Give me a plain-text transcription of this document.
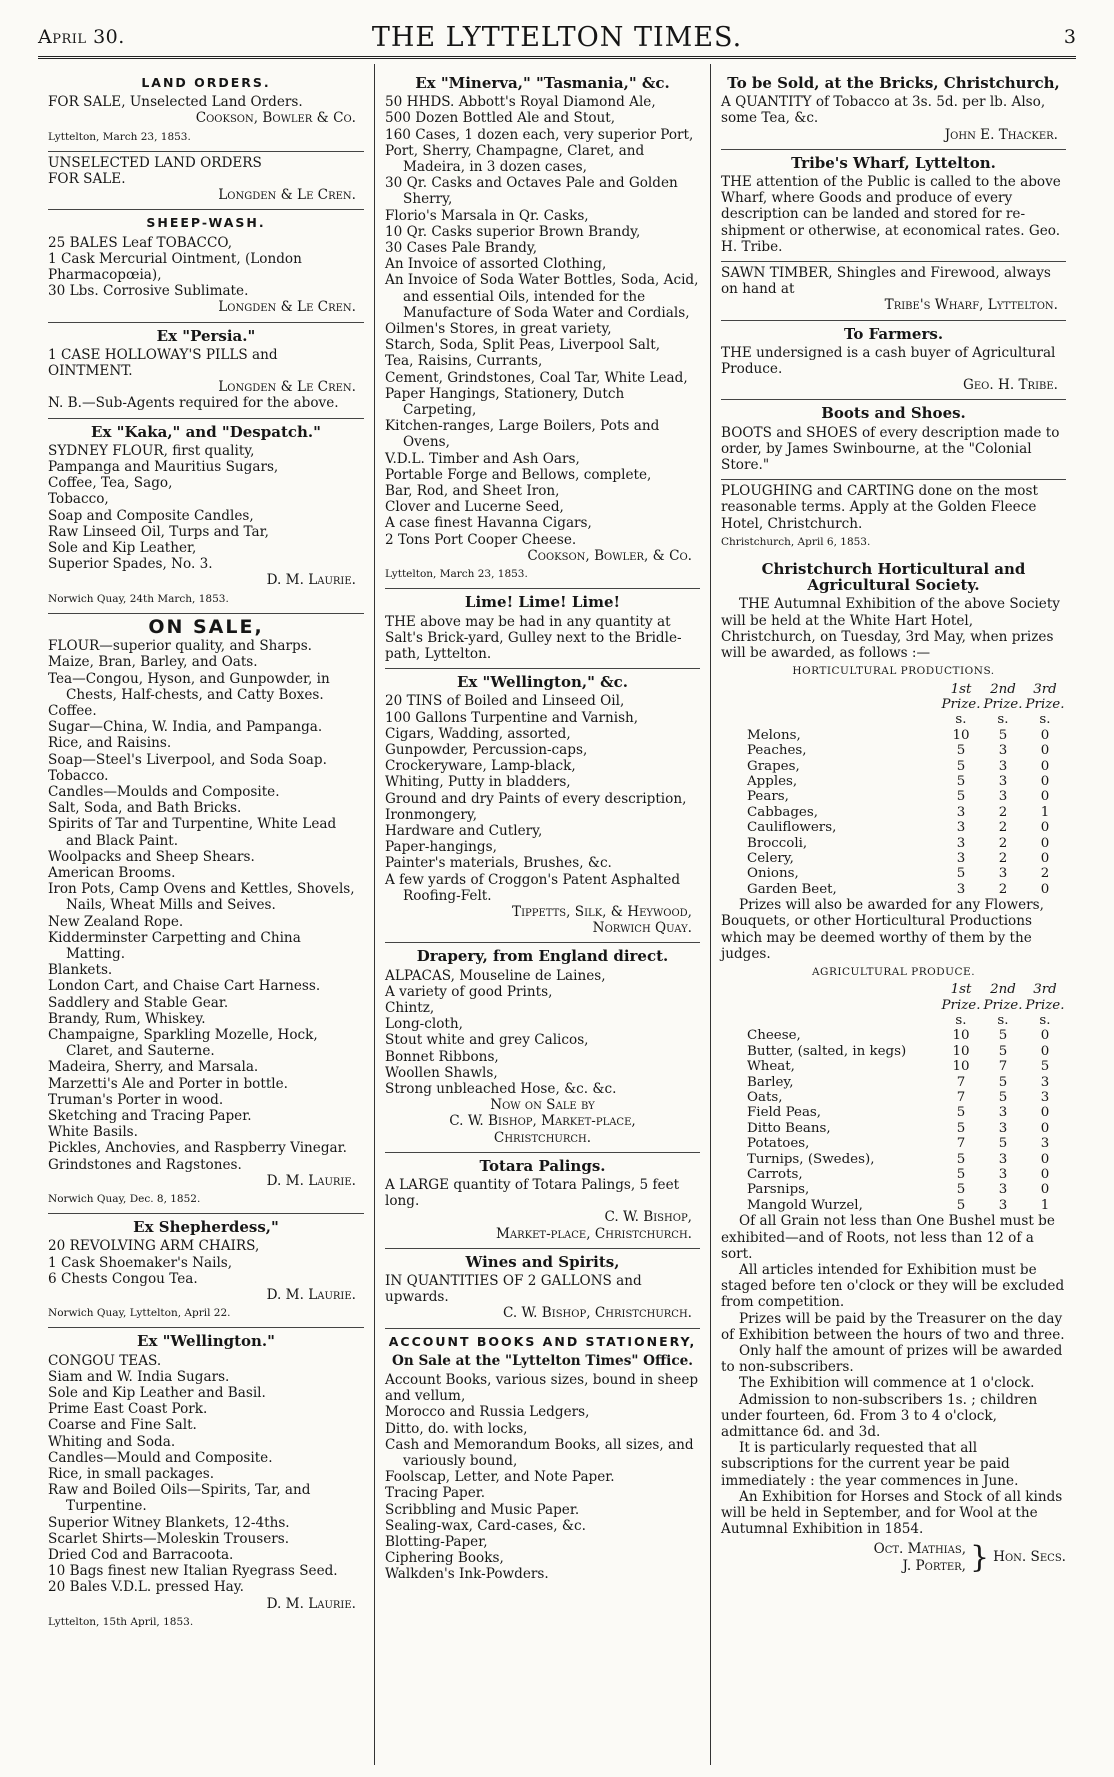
April 30.	THE LYTTELTON TIMES.	3
LAND ORDERS.
FOR SALE, Unselected Land Orders.
Cookson, Bowler & Co.
Lyttelton, March 23, 1853.
UNSELECTED LAND ORDERS
FOR SALE.
Longden & Le Cren.
SHEEP-WASH.
25 BALES Leaf TOBACCO,
1 Cask Mercurial Ointment, (London
Pharmacopœia),
30 Lbs. Corrosive Sublimate.
Longden & Le Cren.
Ex "Persia."
1 CASE HOLLOWAY'S PILLS and
OINTMENT.
Longden & Le Cren.
N. B.—Sub-Agents required for the above.
Ex "Kaka," and "Despatch."
SYDNEY FLOUR, first quality,
Pampanga and Mauritius Sugars,
Coffee, Tea, Sago,
Tobacco,
Soap and Composite Candles,
Raw Linseed Oil, Turps and Tar,
Sole and Kip Leather,
Superior Spades, No. 3.
D. M. Laurie.
Norwich Quay, 24th March, 1853.
ON SALE,
FLOUR—superior quality, and Sharps.
Maize, Bran, Barley, and Oats.
Tea—Congou, Hyson, and Gunpowder, in Chests, Half-chests, and Catty Boxes.
Coffee.
Sugar—China, W. India, and Pampanga.
Rice, and Raisins.
Soap—Steel's Liverpool, and Soda Soap.
Tobacco.
Candles—Moulds and Composite.
Salt, Soda, and Bath Bricks.
Spirits of Tar and Turpentine, White Lead and Black Paint.
Woolpacks and Sheep Shears.
American Brooms.
Iron Pots, Camp Ovens and Kettles, Shovels, Nails, Wheat Mills and Seives.
New Zealand Rope.
Kidderminster Carpetting and China Matting.
Blankets.
London Cart, and Chaise Cart Harness.
Saddlery and Stable Gear.
Brandy, Rum, Whiskey.
Champaigne, Sparkling Mozelle, Hock, Claret, and Sauterne.
Madeira, Sherry, and Marsala.
Marzetti's Ale and Porter in bottle.
Truman's Porter in wood.
Sketching and Tracing Paper.
White Basils.
Pickles, Anchovies, and Raspberry Vinegar.
Grindstones and Ragstones.
D. M. Laurie.
Norwich Quay, Dec. 8, 1852.
Ex Shepherdess,"
20 REVOLVING ARM CHAIRS,
1 Cask Shoemaker's Nails,
6 Chests Congou Tea.
D. M. Laurie.
Norwich Quay, Lyttelton, April 22.
Ex "Wellington."
CONGOU TEAS.
Siam and W. India Sugars.
Sole and Kip Leather and Basil.
Prime East Coast Pork.
Coarse and Fine Salt.
Whiting and Soda.
Candles—Mould and Composite.
Rice, in small packages.
Raw and Boiled Oils—Spirits, Tar, and Turpentine.
Superior Witney Blankets, 12-4ths.
Scarlet Shirts—Moleskin Trousers.
Dried Cod and Barracoota.
10 Bags finest new Italian Ryegrass Seed.
20 Bales V.D.L. pressed Hay.
D. M. Laurie.
Lyttelton, 15th April, 1853.
Ex "Minerva," "Tasmania," &c.
50 HHDS. Abbott's Royal Diamond Ale,
500 Dozen Bottled Ale and Stout,
160 Cases, 1 dozen each, very superior Port,
Port, Sherry, Champagne, Claret, and Madeira, in 3 dozen cases,
30 Qr. Casks and Octaves Pale and Golden Sherry,
Florio's Marsala in Qr. Casks,
10 Qr. Casks superior Brown Brandy,
30 Cases Pale Brandy,
An Invoice of assorted Clothing,
An Invoice of Soda Water Bottles, Soda, Acid, and essential Oils, intended for the Manufacture of Soda Water and Cordials,
Oilmen's Stores, in great variety,
Starch, Soda, Split Peas, Liverpool Salt,
Tea, Raisins, Currants,
Cement, Grindstones, Coal Tar, White Lead,
Paper Hangings, Stationery, Dutch Carpeting,
Kitchen-ranges, Large Boilers, Pots and Ovens,
V.D.L. Timber and Ash Oars,
Portable Forge and Bellows, complete,
Bar, Rod, and Sheet Iron,
Clover and Lucerne Seed,
A case finest Havanna Cigars,
2 Tons Port Cooper Cheese.
Cookson, Bowler, & Co.
Lyttelton, March 23, 1853.
Lime! Lime! Lime!
THE above may be had in any quantity at Salt's Brick-yard, Gulley next to the Bridle-path, Lyttelton.
Ex "Wellington," &c.
20 TINS of Boiled and Linseed Oil,
100 Gallons Turpentine and Varnish,
Cigars, Wadding, assorted,
Gunpowder, Percussion-caps,
Crockeryware, Lamp-black,
Whiting, Putty in bladders,
Ground and dry Paints of every description,
Ironmongery,
Hardware and Cutlery,
Paper-hangings,
Painter's materials, Brushes, &c.
A few yards of Croggon's Patent Asphalted Roofing-Felt.
Tippetts, Silk, & Heywood,
Norwich Quay.
Drapery, from England direct.
ALPACAS, Mouseline de Laines,
A variety of good Prints,
Chintz,
Long-cloth,
Stout white and grey Calicos,
Bonnet Ribbons,
Woollen Shawls,
Strong unbleached Hose, &c. &c.
Now on Sale by
C. W. Bishop, Market-place,
Christchurch.
Totara Palings.
A LARGE quantity of Totara Palings, 5 feet long.
C. W. Bishop,
Market-place, Christchurch.
Wines and Spirits,
IN QUANTITIES OF 2 GALLONS and upwards.
C. W. Bishop, Christchurch.
ACCOUNT BOOKS AND STATIONERY,
On Sale at the "Lyttelton Times" Office.
Account Books, various sizes, bound in sheep and vellum,
Morocco and Russia Ledgers,
Ditto, do. with locks,
Cash and Memorandum Books, all sizes, and variously bound,
Foolscap, Letter, and Note Paper.
Tracing Paper.
Scribbling and Music Paper.
Sealing-wax, Card-cases, &c.
Blotting-Paper,
Ciphering Books,
Walkden's Ink-Powders.
To be Sold, at the Bricks, Christchurch,
A QUANTITY of Tobacco at 3s. 5d. per lb. Also, some Tea, &c.
John E. Thacker.
Tribe's Wharf, Lyttelton.
THE attention of the Public is called to the above Wharf, where Goods and produce of every description can be landed and stored for re-shipment or otherwise, at economical rates. Geo. H. Tribe.
SAWN TIMBER, Shingles and Firewood, always on hand at
Tribe's Wharf, Lyttelton.
To Farmers.
THE undersigned is a cash buyer of Agricultural Produce.
Geo. H. Tribe.
Boots and Shoes.
BOOTS and SHOES of every description made to order, by James Swinbourne, at the "Colonial Store."
PLOUGHING and CARTING done on the most reasonable terms. Apply at the Golden Fleece Hotel, Christchurch.
Christchurch, April 6, 1853.
Christchurch Horticultural and Agricultural Society.
THE Autumnal Exhibition of the above Society will be held at the White Hart Hotel, Christchurch, on Tuesday, 3rd May, when prizes will be awarded, as follows :—
HORTICULTURAL PRODUCTIONS.
	1st	2nd	3rd
	Prize.	Prize.	Prize.
	s.	s.	s.
Melons,	10	5	0
Peaches,	5	3	0
Grapes,	5	3	0
Apples,	5	3	0
Pears,	5	3	0
Cabbages,	3	2	1
Cauliflowers,	3	2	0
Broccoli,	3	2	0
Celery,	3	2	0
Onions,	5	3	2
Garden Beet,	3	2	0
Prizes will also be awarded for any Flowers, Bouquets, or other Horticultural Productions which may be deemed worthy of them by the judges.
AGRICULTURAL PRODUCE.
	1st	2nd	3rd
	Prize.	Prize.	Prize.
	s.	s.	s.
Cheese,	10	5	0
Butter, (salted, in kegs)	10	5	0
Wheat,	10	7	5
Barley,	7	5	3
Oats,	7	5	3
Field Peas,	5	3	0
Ditto Beans,	5	3	0
Potatoes,	7	5	3
Turnips, (Swedes),	5	3	0
Carrots,	5	3	0
Parsnips,	5	3	0
Mangold Wurzel,	5	3	1
Of all Grain not less than One Bushel must be exhibited—and of Roots, not less than 12 of a sort.
All articles intended for Exhibition must be staged before ten o'clock or they will be excluded from competition.
Prizes will be paid by the Treasurer on the day of Exhibition between the hours of two and three.
Only half the amount of prizes will be awarded to non-subscribers.
The Exhibition will commence at 1 o'clock.
Admission to non-subscribers 1s. ; children under fourteen, 6d. From 3 to 4 o'clock, admittance 6d. and 3d.
It is particularly requested that all subscriptions for the current year be paid immediately : the year commences in June.
An Exhibition for Horses and Stock of all kinds will be held in September, and for Wool at the Autumnal Exhibition in 1854.
Oct. Mathias,
J. Porter, } Hon. Secs.
